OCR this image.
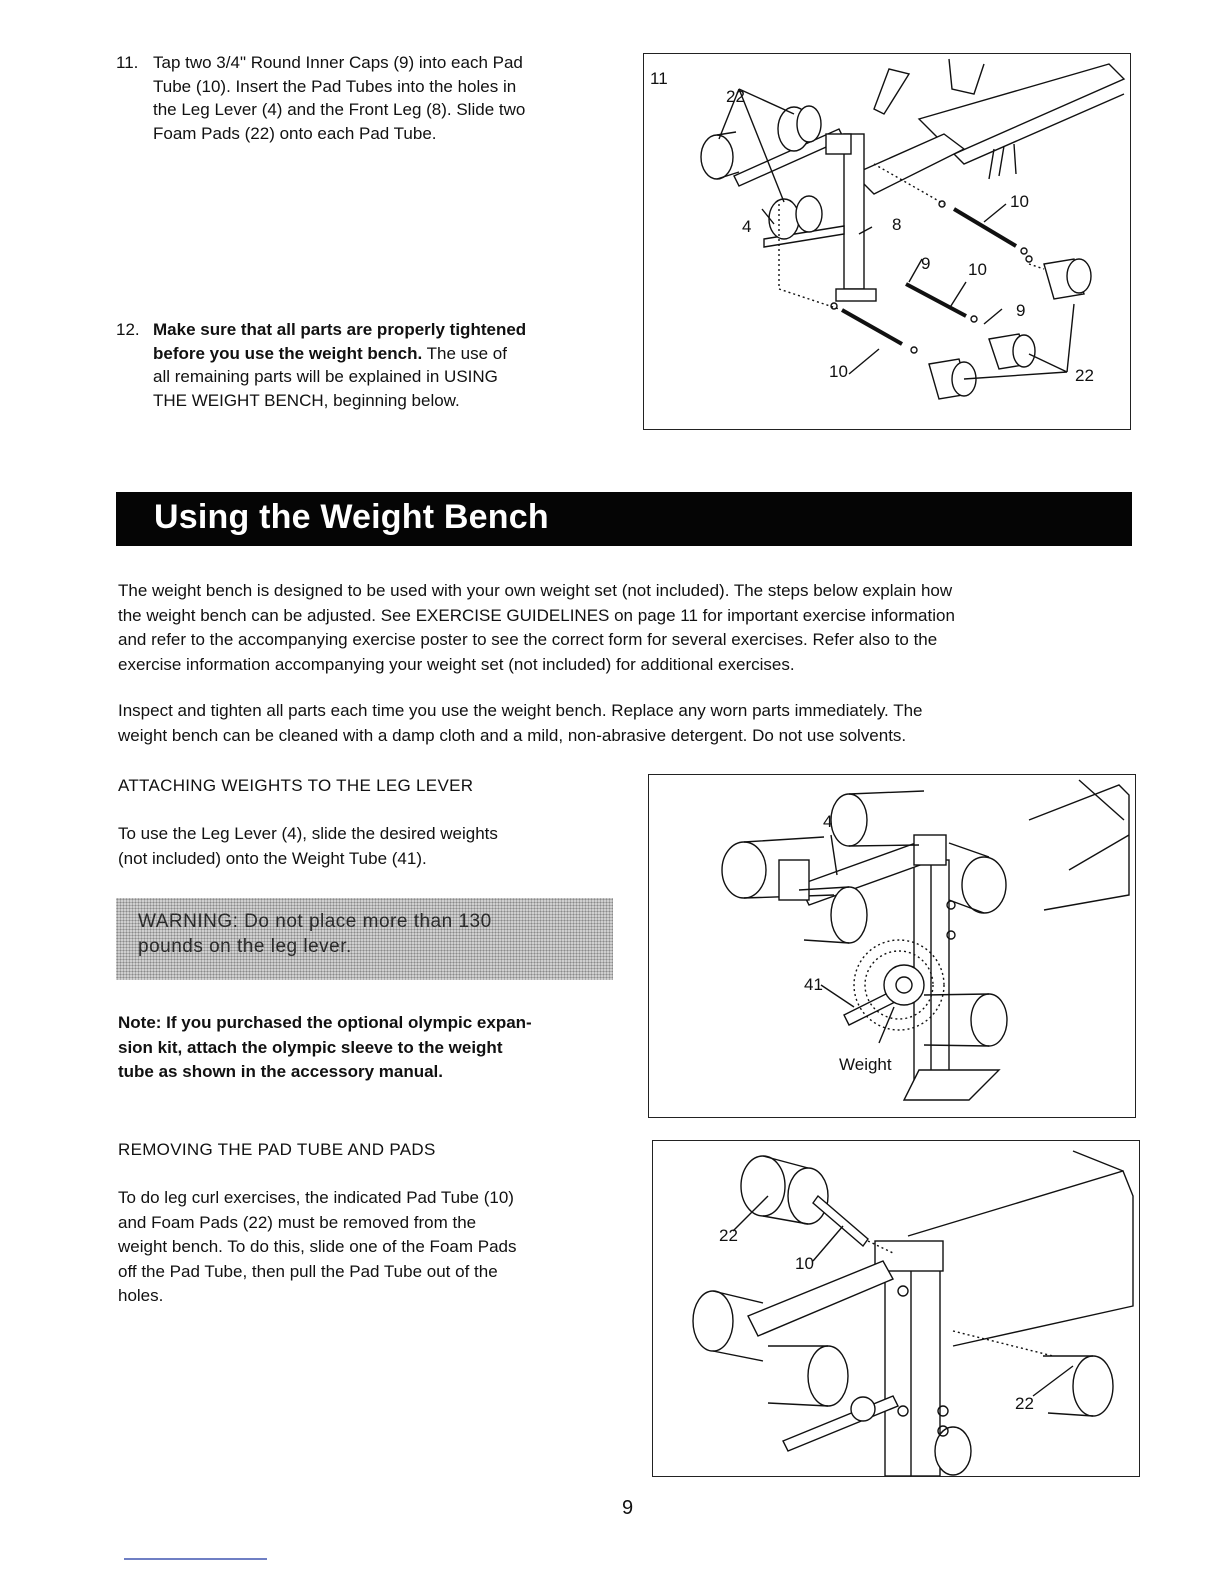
11. Tap two 3/4" Round Inner Caps (9) into each Pad
Tube (10). Insert the Pad Tubes into the holes in
the Leg Lever (4) and the Front Leg (8). Slide two
Foam Pads (22) onto each Pad Tube.
12. Make sure that all parts are properly tightened
before you use the weight bench. The use of
all remaining parts will be explained in USING
THE WEIGHT BENCH, beginning below.
11
22
4	8
10
9 10
9
10	22
Using the Weight Bench
The weight bench is designed to be used with your own weight set (not included). The steps below explain how
the weight bench can be adjusted. See EXERCISE GUIDELINES on page 11 for important exercise information
and refer to the accompanying exercise poster to see the correct form for several exercises. Refer also to the
exercise information accompanying your weight set (not included) for additional exercises.
Inspect and tighten all parts each time you use the weight bench. Replace any worn parts immediately. The
weight bench can be cleaned with a damp cloth and a mild, non-abrasive detergent. Do not use solvents.
ATTACHING WEIGHTS TO THE LEG LEVER
To use the Leg Lever (4), slide the desired weights
(not included) onto the Weight Tube (41).
WARNING: Do not place more than 130
pounds on the leg lever.
Note: If you purchased the optional olympic expan-
sion kit, attach the olympic sleeve to the weight
tube as shown in the accessory manual.
4
41
Weight
REMOVING THE PAD TUBE AND PADS
To do leg curl exercises, the indicated Pad Tube (10)
and Foam Pads (22) must be removed from the
weight bench. To do this, slide one of the Foam Pads
off the Pad Tube, then pull the Pad Tube out of the
holes.
22
10
22
9
